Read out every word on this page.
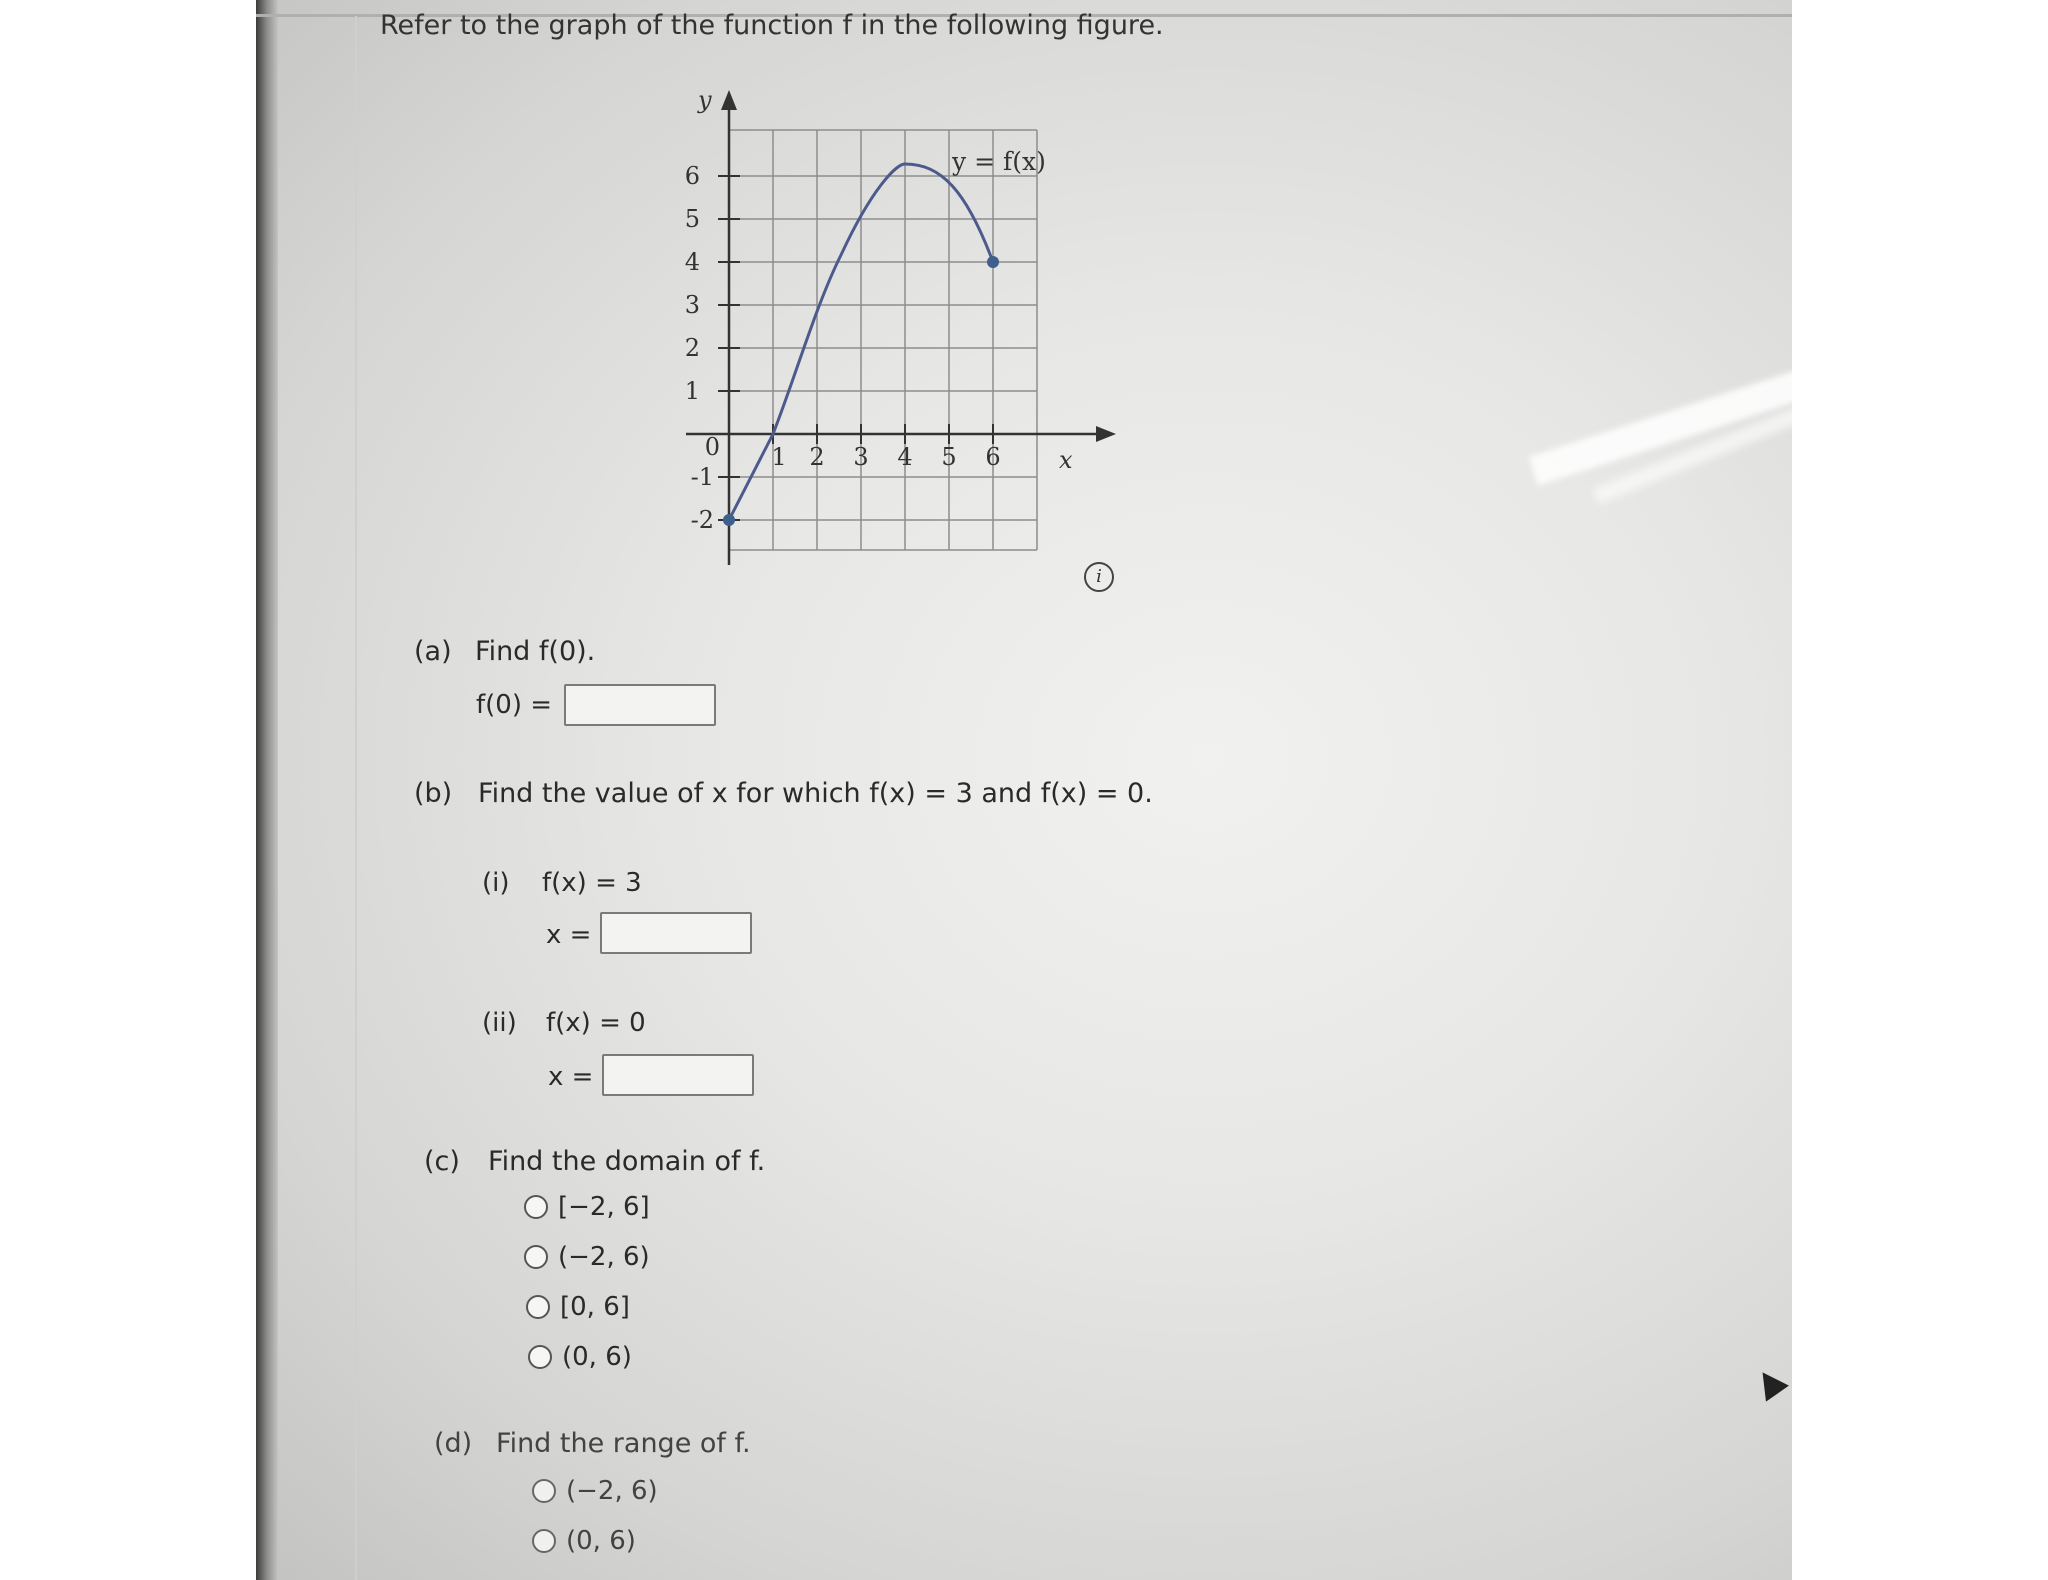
Refer to the graph of the function f in the following figure.
6
5
4
3
2
1
0
-1
-2
1 2 3 4 5 6
y
x
y = f(x)
i
(a) Find f(0).
f(0) =
(b) Find the value of x for which f(x) = 3 and f(x) = 0.
(i) f(x) = 3
x =
(ii) f(x) = 0
x =
(c) Find the domain of f.
[−2, 6]
(−2, 6)
[0, 6]
(0, 6)
(d) Find the range of f.
(−2, 6)
(0, 6)
